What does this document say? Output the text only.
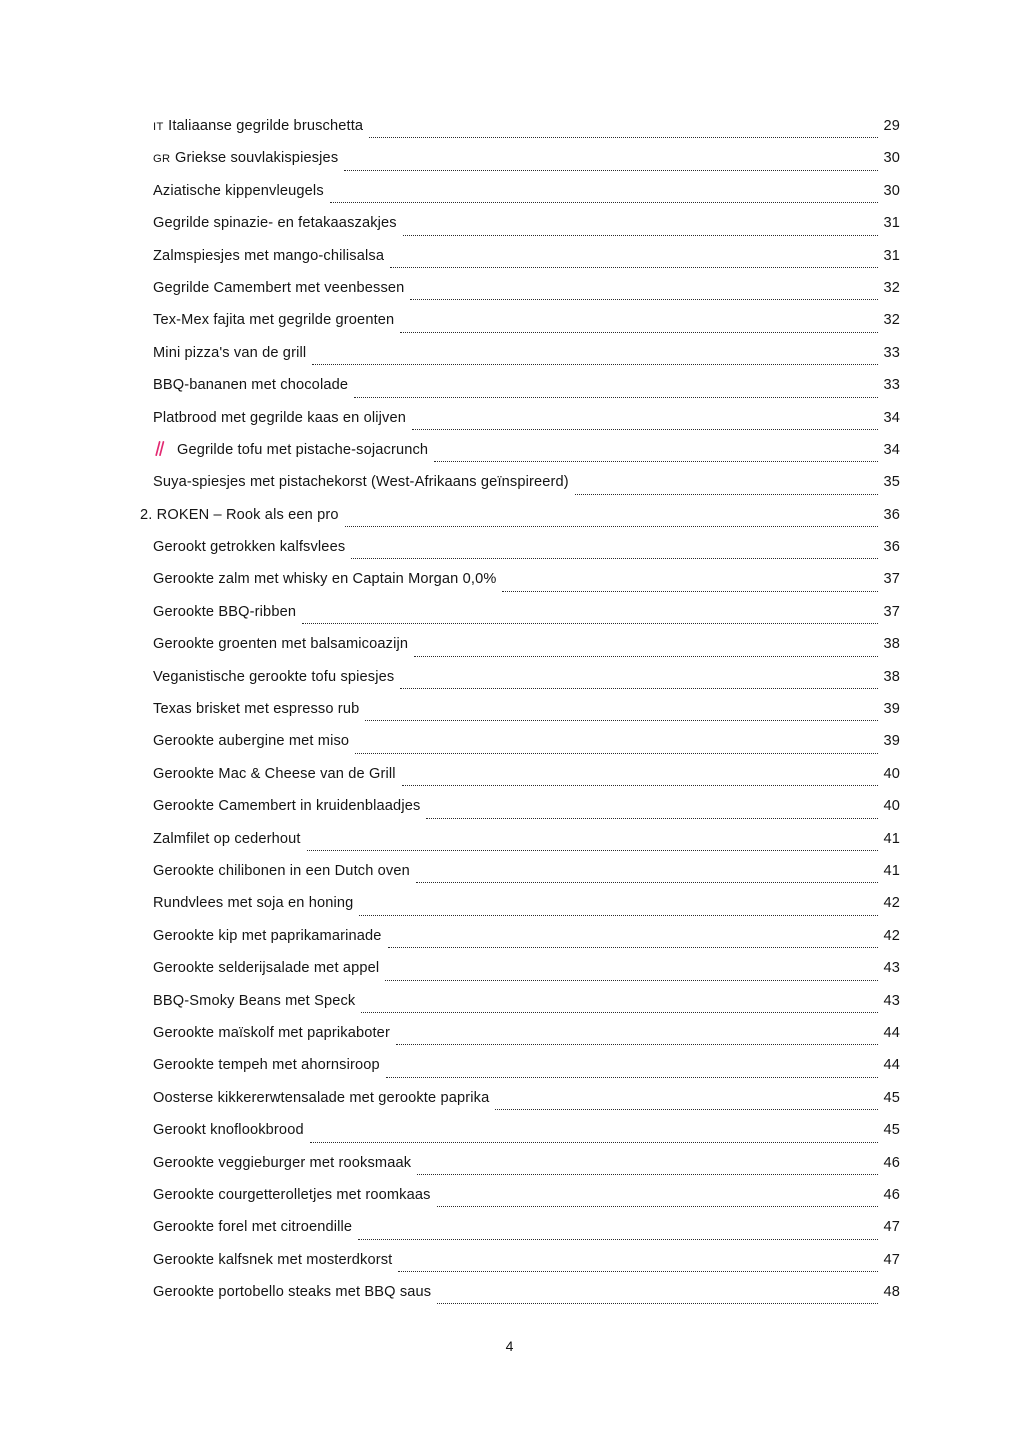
IT Italiaanse gegrilde bruschetta	29
GR Griekse souvlakispiesjes	30
Aziatische kippenvleugels	30
Gegrilde spinazie- en fetakaaszakjes	31
Zalmspiesjes met mango-chilisalsa	31
Gegrilde Camembert met veenbessen	32
Tex-Mex fajita met gegrilde groenten	32
Mini pizza's van de grill	33
BBQ-bananen met chocolade	33
Platbrood met gegrilde kaas en olijven	34
Gegrilde tofu met pistache-sojacrunch	34
Suya-spiesjes met pistachekorst (West-Afrikaans geïnspireerd)	35
2. ROKEN – Rook als een pro	36
Gerookt getrokken kalfsvlees	36
Gerookte zalm met whisky en Captain Morgan 0,0%	37
Gerookte BBQ-ribben	37
Gerookte groenten met balsamicoazijn	38
Veganistische gerookte tofu spiesjes	38
Texas brisket met espresso rub	39
Gerookte aubergine met miso	39
Gerookte Mac & Cheese van de Grill	40
Gerookte Camembert in kruidenblaadjes	40
Zalmfilet op cederhout	41
Gerookte chilibonen in een Dutch oven	41
Rundvlees met soja en honing	42
Gerookte kip met paprikamarinade	42
Gerookte selderijsalade met appel	43
BBQ-Smoky Beans met Speck	43
Gerookte maïskolf met paprikaboter	44
Gerookte tempeh met ahornsiroop	44
Oosterse kikkererwtensalade met gerookte paprika	45
Gerookt knoflookbrood	45
Gerookte veggieburger met rooksmaak	46
Gerookte courgetterolletjes met roomkaas	46
Gerookte forel met citroendille	47
Gerookte kalfsnek met mosterdkorst	47
Gerookte portobello steaks met BBQ saus	48
4
